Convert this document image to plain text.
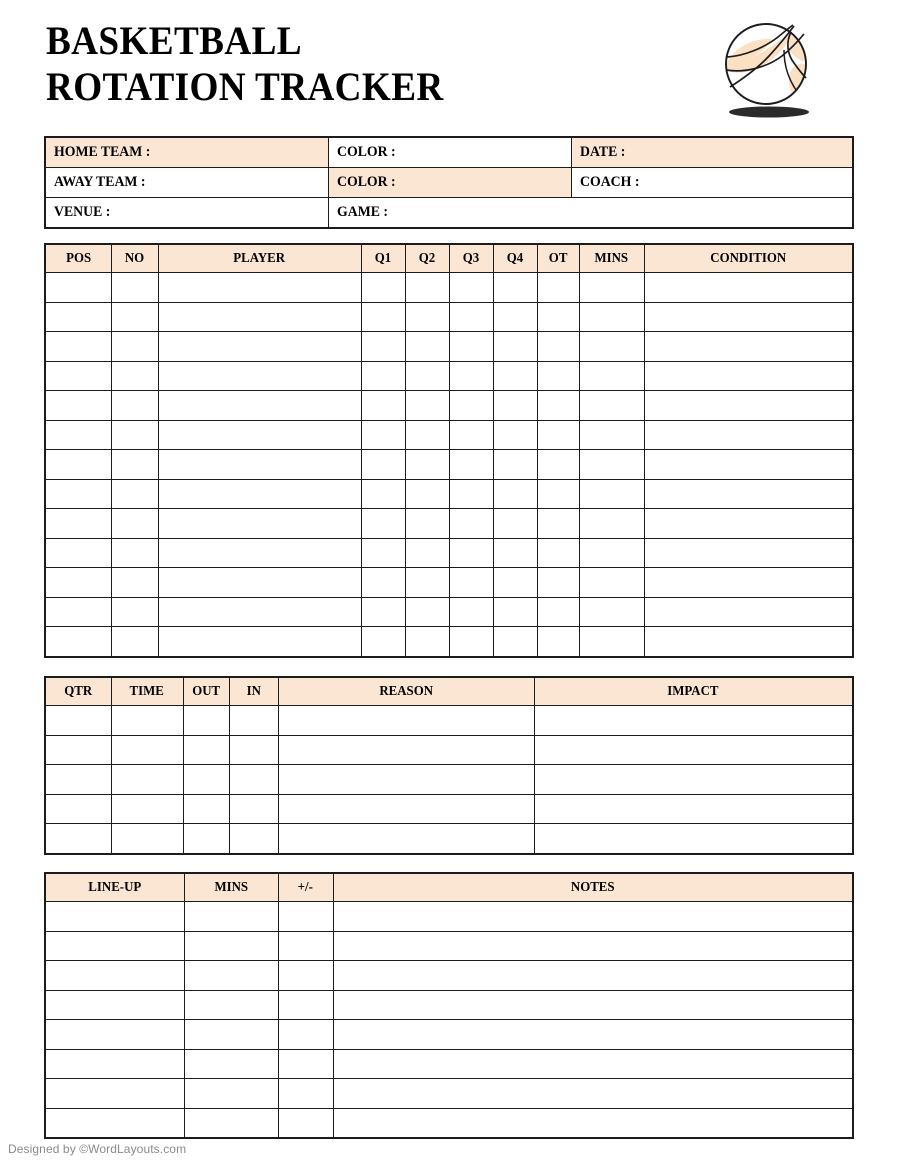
BASKETBALL
ROTATION TRACKER
HOME TEAM :	COLOR :	DATE :
AWAY TEAM :	COLOR :	COACH :
VENUE :	GAME :	
POS	NO	PLAYER	Q1	Q2	Q3	Q4	OT	MINS	CONDITION

QTR	TIME	OUT	IN	REASON	IMPACT

LINE-UP	MINS	+/-	NOTES

Designed by ©WordLayouts.com
